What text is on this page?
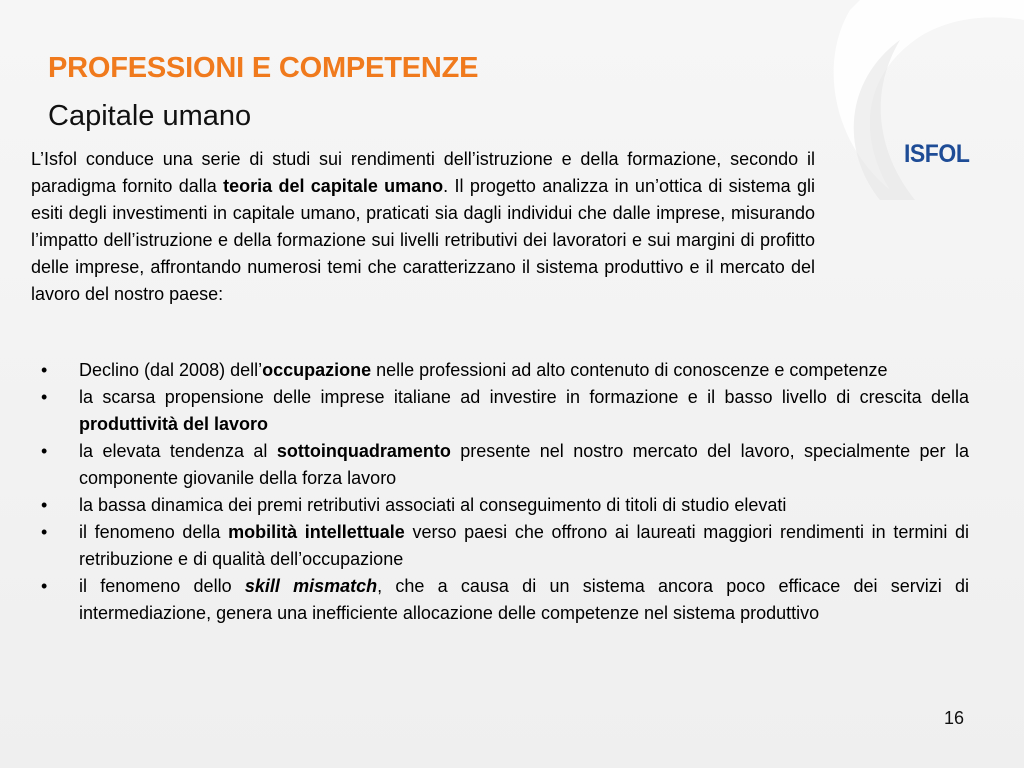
PROFESSIONI E COMPETENZE
Capitale umano
ISFOL

L’Isfol conduce una serie di studi sui rendimenti dell’istruzione e della formazione, secondo il paradigma fornito dalla teoria del capitale umano. Il progetto analizza in un’ottica di sistema gli esiti degli investimenti in capitale umano, praticati sia dagli individui che dalle imprese, misurando l’impatto dell’istruzione e della formazione sui livelli retributivi dei lavoratori e sui margini di profitto delle imprese, affrontando numerosi temi che caratterizzano il sistema produttivo e il mercato del lavoro del nostro paese:

• Declino (dal 2008) dell’occupazione nelle professioni ad alto contenuto di conoscenze e competenze
• la scarsa propensione delle imprese italiane ad investire in formazione e il basso livello di crescita della produttività del lavoro
• la elevata tendenza al sottoinquadramento presente nel nostro mercato del lavoro, specialmente per la componente giovanile della forza lavoro
• la bassa dinamica dei premi retributivi associati al conseguimento di titoli di studio elevati
• il fenomeno della mobilità intellettuale verso paesi che offrono ai laureati maggiori rendimenti in termini di retribuzione e di qualità dell’occupazione
• il fenomeno dello skill mismatch, che a causa di un sistema ancora poco efficace dei servizi di intermediazione, genera una inefficiente allocazione delle competenze nel sistema produttivo
16
